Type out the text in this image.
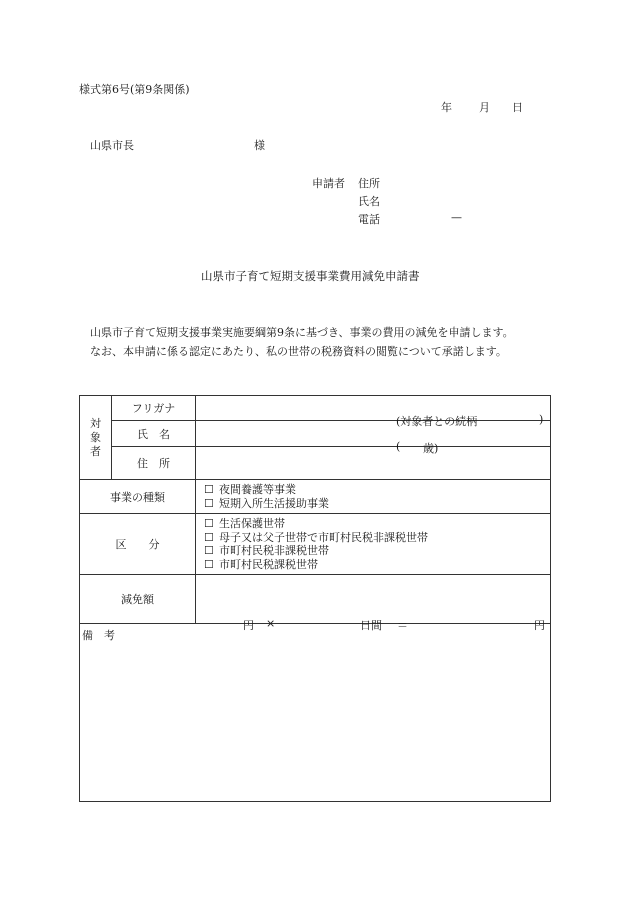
様式第6号(第9条関係)
年 月 日
山県市長	様
申請者 住所
氏名
電話	—
山県市子育て短期支援事業費用減免申請書
山県市子育て短期支援事業実施要綱第9条に基づき、事業の費用の減免を申請します。
なお、本申請に係る認定にあたり、私の世帯の税務資料の閲覧について承諾します。
対
象
者	フリガナ	(対象者との続柄 )

	氏　名	( 歳)

	住　所	
事業の種類		☐ 夜間養護等事業
☐ 短期入所生活援助事業

区　　分		☐ 生活保護世帯
☐ 母子又は父子世帯で市町村民税非課税世帯
☐ 市町村民税非課税世帯
☐ 市町村民税課税世帯

減免額		円 × 日間 ＝ 円

備　考		
